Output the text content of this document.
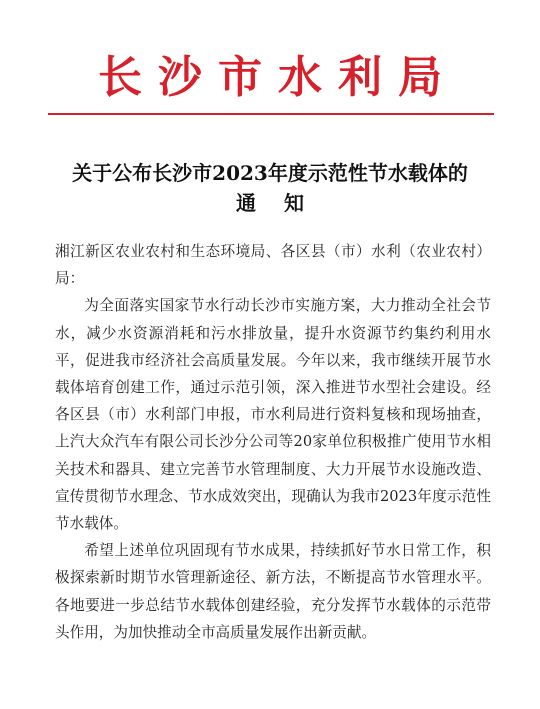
长沙市水利局
关于公布长沙市2023年度示范性节水载体的
通知

湘江新区农业农村和生态环境局、各区县（市）水利（农业农村）局：

为全面落实国家节水行动长沙市实施方案，大力推动全社会节水，减少水资源消耗和污水排放量，提升水资源节约集约利用水平，促进我市经济社会高质量发展。今年以来，我市继续开展节水载体培育创建工作，通过示范引领，深入推进节水型社会建设。经各区县（市）水利部门申报，市水利局进行资料复核和现场抽查，上汽大众汽车有限公司长沙分公司等20家单位积极推广使用节水相关技术和器具、建立完善节水管理制度、大力开展节水设施改造、宣传贯彻节水理念、节水成效突出，现确认为我市2023年度示范性节水载体。

希望上述单位巩固现有节水成果，持续抓好节水日常工作，积极探索新时期节水管理新途径、新方法，不断提高节水管理水平。各地要进一步总结节水载体创建经验，充分发挥节水载体的示范带头作用，为加快推动全市高质量发展作出新贡献。
